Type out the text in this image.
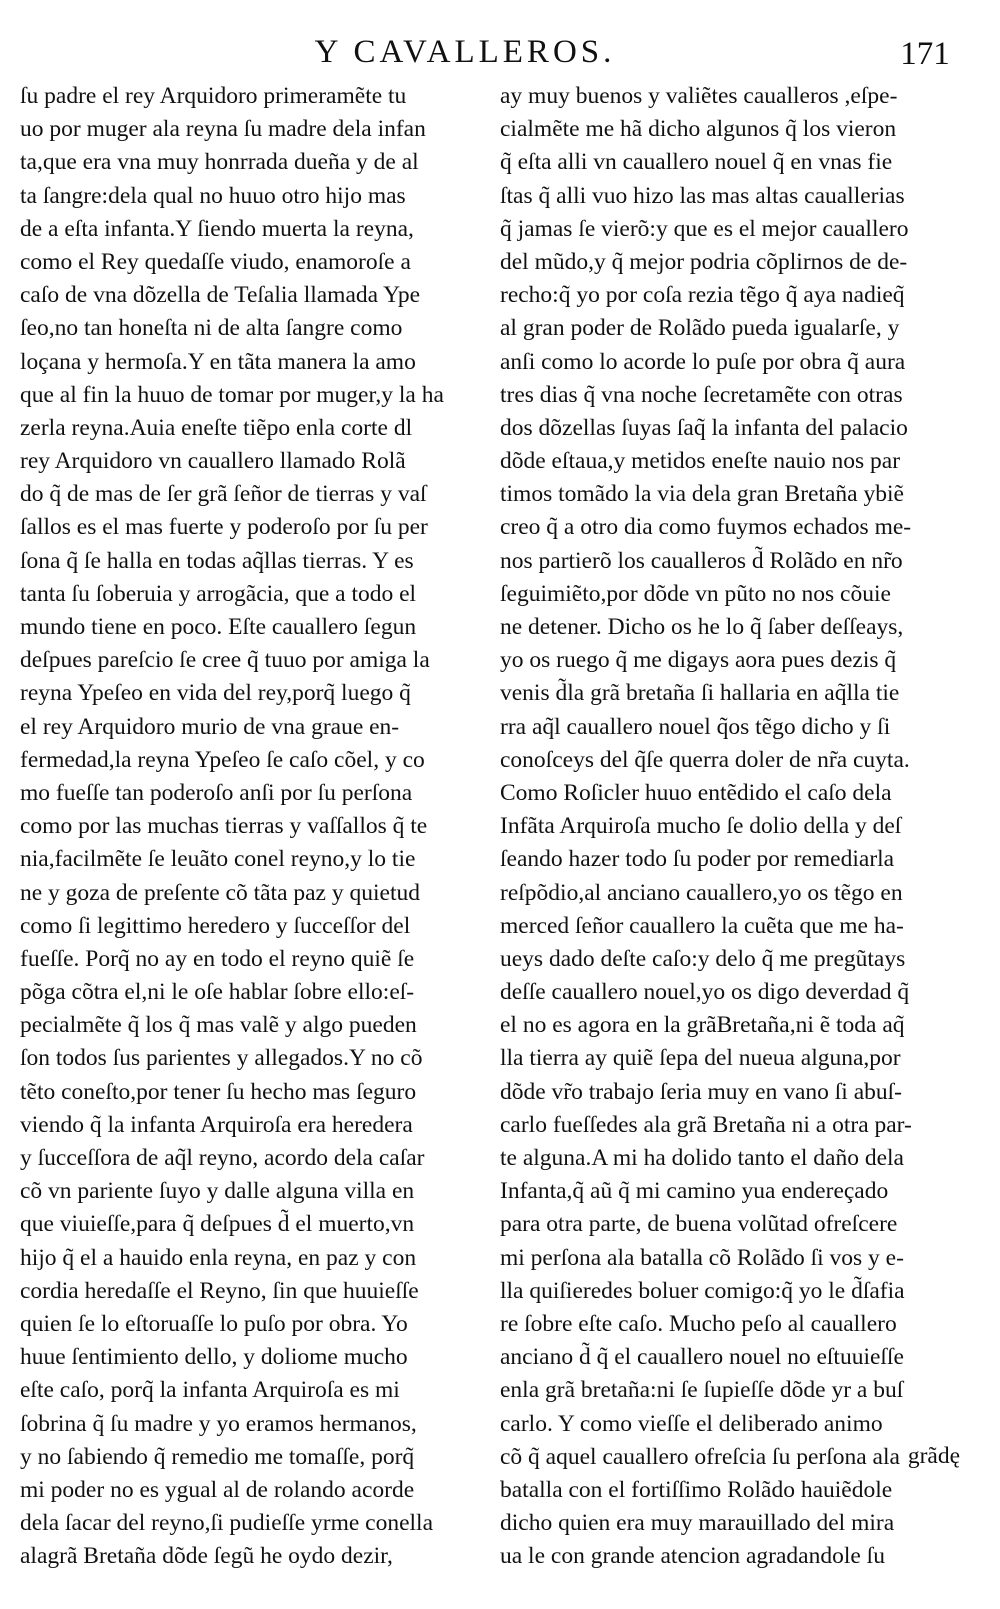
Y CAVALLEROS.	171
ſu padre el rey Arquidoro primeramẽte tu
uo por muger ala reyna ſu madre dela infan
ta,que era vna muy honrrada dueña y de al
ta ſangre:dela qual no huuo otro hijo mas
de a eſta infanta.Y ſiendo muerta la reyna,
como el Rey quedaſſe viudo, enamoroſe a
caſo de vna dõzella de Teſalia llamada Ype
ſeo,no tan honeſta ni de alta ſangre como
loçana y hermoſa.Y en tãta manera la amo
que al fin la huuo de tomar por muger,y la ha
zerla reyna.Auia eneſte tiẽpo enla corte dl
rey Arquidoro vn cauallero llamado Rolã
do q̃ de mas de ſer grã ſeñor de tierras y vaſ
ſallos es el mas fuerte y poderoſo por ſu per
ſona q̃ ſe halla en todas aq̃llas tierras. Y es
tanta ſu ſoberuia y arrogãcia, que a todo el
mundo tiene en poco. Eſte cauallero ſegun
deſpues pareſcio ſe cree q̃ tuuo por amiga la
reyna Ypeſeo en vida del rey,porq̃ luego q̃
el rey Arquidoro murio de vna graue en-
fermedad,la reyna Ypeſeo ſe caſo cõel, y co
mo fueſſe tan poderoſo anſi por ſu perſona
como por las muchas tierras y vaſſallos q̃ te
nia,facilmẽte ſe leuãto conel reyno,y lo tie
ne y goza de preſente cõ tãta paz y quietud
como ſi legittimo heredero y ſucceſſor del
fueſſe. Porq̃ no ay en todo el reyno quiẽ ſe
põga cõtra el,ni le oſe hablar ſobre ello:eſ-
pecialmẽte q̃ los q̃ mas valẽ y algo pueden
ſon todos ſus parientes y allegados.Y no cõ
tẽto coneſto,por tener ſu hecho mas ſeguro
viendo q̃ la infanta Arquiroſa era heredera
y ſucceſſora de aq̃l reyno, acordo dela caſar
cõ vn pariente ſuyo y dalle alguna villa en
que viuieſſe,para q̃ deſpues d̃ el muerto,vn
hijo q̃ el a hauido enla reyna, en paz y con
cordia heredaſſe el Reyno, ſin que huuieſſe
quien ſe lo eſtoruaſſe lo puſo por obra. Yo
huue ſentimiento dello, y doliome mucho
eſte caſo, porq̃ la infanta Arquiroſa es mi
ſobrina q̃ ſu madre y yo eramos hermanos,
y no ſabiendo q̃ remedio me tomaſſe, porq̃
mi poder no es ygual al de rolando acorde
dela ſacar del reyno,ſi pudieſſe yrme conella
alagrã Bretaña dõde ſegũ he oydo dezir,
ay muy buenos y valiẽtes caualleros ,eſpe-
cialmẽte me hã dicho algunos q̃ los vieron
q̃ eſta alli vn cauallero nouel q̃ en vnas fie
ſtas q̃ alli vuo hizo las mas altas cauallerias
q̃ jamas ſe vierõ:y que es el mejor cauallero
del mũdo,y q̃ mejor podria cõplirnos de de-
recho:q̃ yo por coſa rezia tẽgo q̃ aya nadieq̃
al gran poder de Rolãdo pueda igualarſe, y
anſi como lo acorde lo puſe por obra q̃ aura
tres dias q̃ vna noche ſecretamẽte con otras
dos dõzellas ſuyas ſaq̃ la infanta del palacio
dõde eſtaua,y metidos eneſte nauio nos par
timos tomãdo la via dela gran Bretaña ybiẽ
creo q̃ a otro dia como fuymos echados me-
nos partierõ los caualleros d̃ Rolãdo en nr̃o
ſeguimiẽto,por dõde vn pũto no nos cõuie
ne detener. Dicho os he lo q̃ ſaber deſſeays,
yo os ruego q̃ me digays aora pues dezis q̃
venis d̃la grã bretaña ſi hallaria en aq̃lla tie
rra aq̃l cauallero nouel q̃os tẽgo dicho y ſi
conoſceys del q̃ſe querra doler de nr̃a cuyta.
Como Roſicler huuo entẽdido el caſo dela
Infãta Arquiroſa mucho ſe dolio della y deſ
ſeando hazer todo ſu poder por remediarla
reſpõdio,al anciano cauallero,yo os tẽgo en
merced ſeñor cauallero la cuẽta que me ha-
ueys dado deſte caſo:y delo q̃ me pregũtays
deſſe cauallero nouel,yo os digo deverdad q̃
el no es agora en la grãBretaña,ni ẽ toda aq̃
lla tierra ay quiẽ ſepa del nueua alguna,por
dõde vr̃o trabajo ſeria muy en vano ſi abuſ-
carlo fueſſedes ala grã Bretaña ni a otra par-
te alguna.A mi ha dolido tanto el daño dela
Infanta,q̃ aũ q̃ mi camino yua endereçado
para otra parte, de buena volũtad ofreſcere
mi perſona ala batalla cõ Rolãdo ſi vos y e-
lla quiſieredes boluer comigo:q̃ yo le d̃ſafia
re ſobre eſte caſo. Mucho peſo al cauallero
anciano d̃ q̃ el cauallero nouel no eſtuuieſſe
enla grã bretaña:ni ſe ſupieſſe dõde yr a buſ
carlo. Y como vieſſe el deliberado animo
cõ q̃ aquel cauallero ofreſcia ſu perſona ala
batalla con el fortiſſimo Rolãdo hauiẽdole
dicho quien era muy marauillado del mira
ua le con grande atencion agradandole ſu
grãdę
